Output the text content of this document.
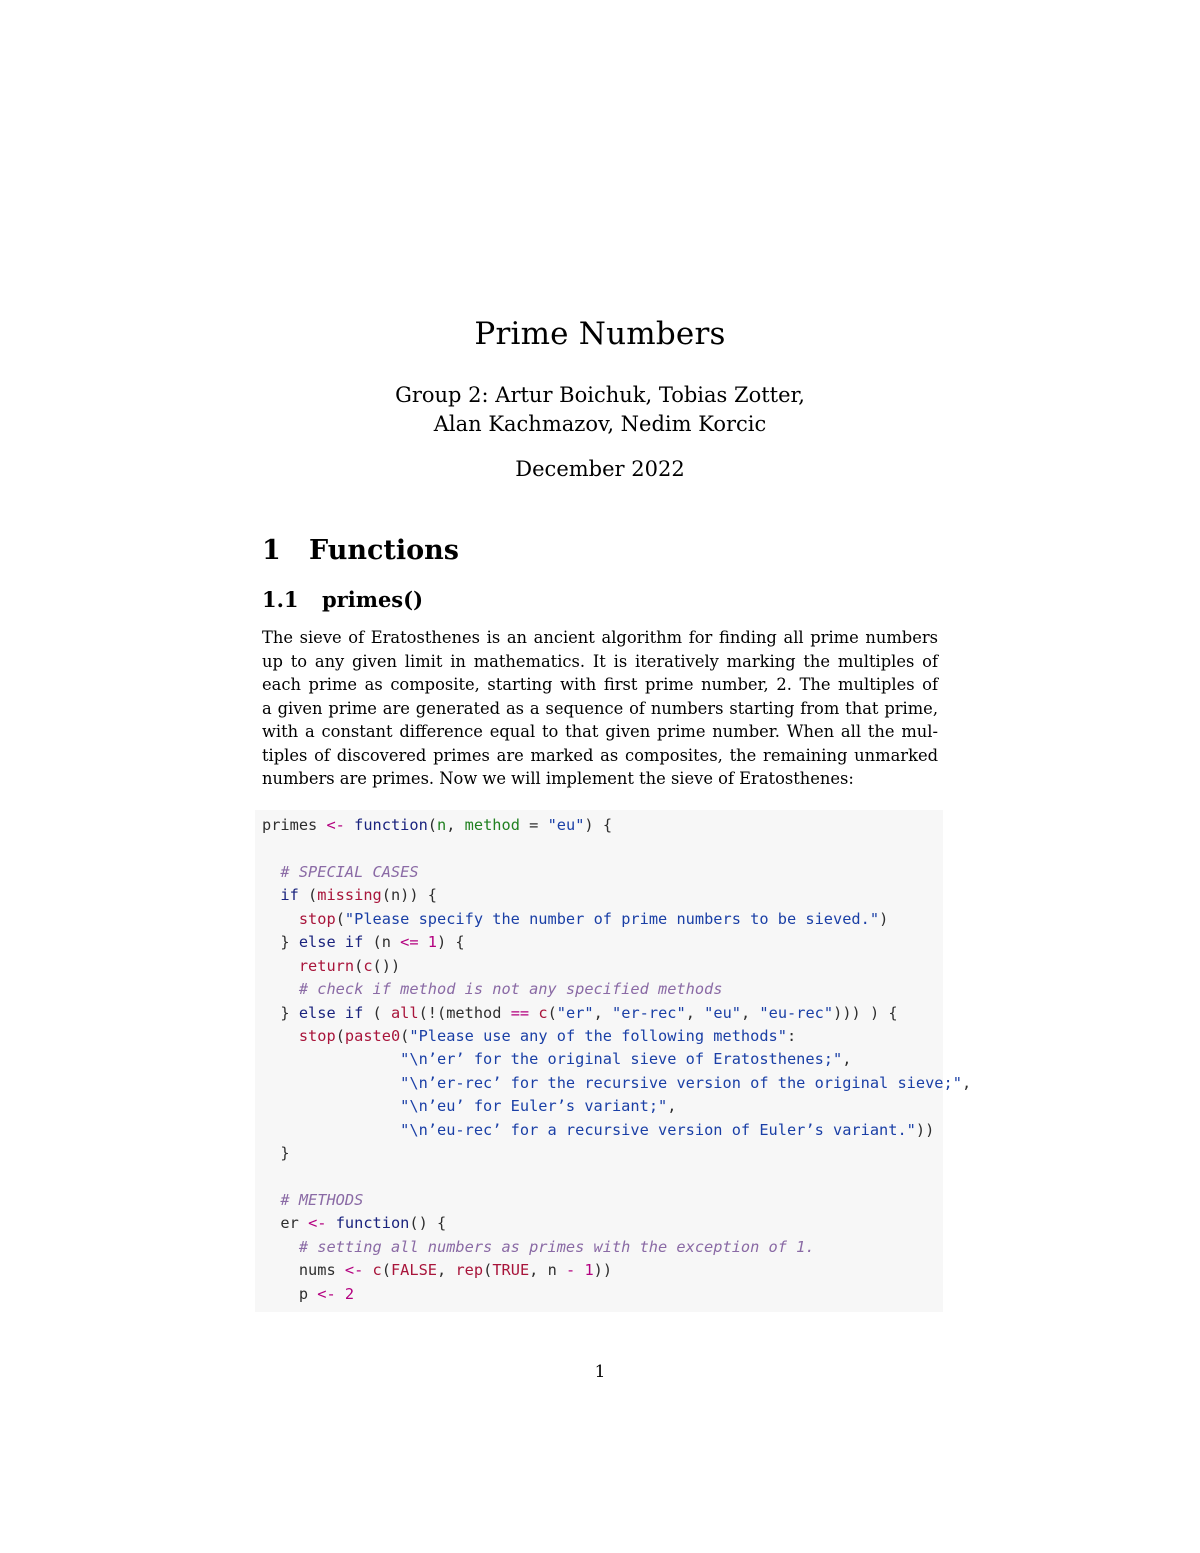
Prime Numbers
Group 2: Artur Boichuk, Tobias Zotter,
Alan Kachmazov, Nedim Korcic
December 2022
1 Functions
1.1 primes()
The sieve of Eratosthenes is an ancient algorithm for finding all prime numbers
up to any given limit in mathematics. It is iteratively marking the multiples of
each prime as composite, starting with first prime number, 2. The multiples of
a given prime are generated as a sequence of numbers starting from that prime,
with a constant difference equal to that given prime number. When all the mul-
tiples of discovered primes are marked as composites, the remaining unmarked
numbers are primes. Now we will implement the sieve of Eratosthenes:
primes <- function(n, method = "eu") {
# SPECIAL CASES
if (missing(n)) {
stop("Please specify the number of prime numbers to be sieved.")
} else if (n <= 1) {
return(c())
# check if method is not any specified methods
} else if ( all(!(method == c("er", "er-rec", "eu", "eu-rec"))) ) {
stop(paste0("Please use any of the following methods":
"\n’er’ for the original sieve of Eratosthenes;",
"\n’er-rec’ for the recursive version of the original sieve;",
"\n’eu’ for Euler’s variant;",
"\n’eu-rec’ for a recursive version of Euler’s variant."))
}
# METHODS
er <- function() {
# setting all numbers as primes with the exception of 1.
nums <- c(FALSE, rep(TRUE, n - 1))
p <- 2
1
